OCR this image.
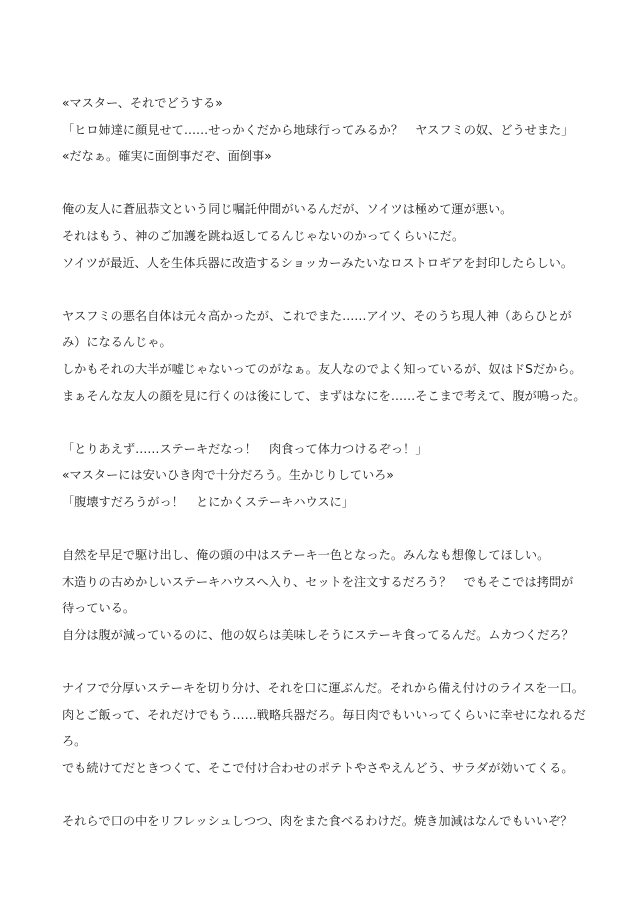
«マスター、それでどうする»
「ヒロ姉達に顔見せて……せっかくだから地球行ってみるか？　ヤスフミの奴、どうせまた」
«だなぁ。確実に面倒事だぞ、面倒事»
俺の友人に蒼凪恭文という同じ嘱託仲間がいるんだが、ソイツは極めて運が悪い。
それはもう、神のご加護を跳ね返してるんじゃないのかってくらいにだ。
ソイツが最近、人を生体兵器に改造するショッカーみたいなロストロギアを封印したらしい。
ヤスフミの悪名自体は元々高かったが、これでまた……アイツ、そのうち現人神（あらひとが
み）になるんじゃ。
しかもそれの大半が嘘じゃないってのがなぁ。友人なのでよく知っているが、奴はドSだから。
まぁそんな友人の顔を見に行くのは後にして、まずはなにを……そこまで考えて、腹が鳴った。
「とりあえず……ステーキだなっ！　肉食って体力つけるぞっ！」
«マスターには安いひき肉で十分だろう。生かじりしていろ»
「腹壊すだろうがっ！　とにかくステーキハウスに」
自然を早足で駆け出し、俺の頭の中はステーキ一色となった。みんなも想像してほしい。
木造りの古めかしいステーキハウスへ入り、セットを注文するだろう？　でもそこでは拷問が
待っている。
自分は腹が減っているのに、他の奴らは美味しそうにステーキ食ってるんだ。ムカつくだろ？
ナイフで分厚いステーキを切り分け、それを口に運ぶんだ。それから備え付けのライスを一口。
肉とご飯って、それだけでもう……戦略兵器だろ。毎日肉でもいいってくらいに幸せになれるだ
ろ。
でも続けてだときつくて、そこで付け合わせのポテトやさやえんどう、サラダが効いてくる。
それらで口の中をリフレッシュしつつ、肉をまた食べるわけだ。焼き加減はなんでもいいぞ？
